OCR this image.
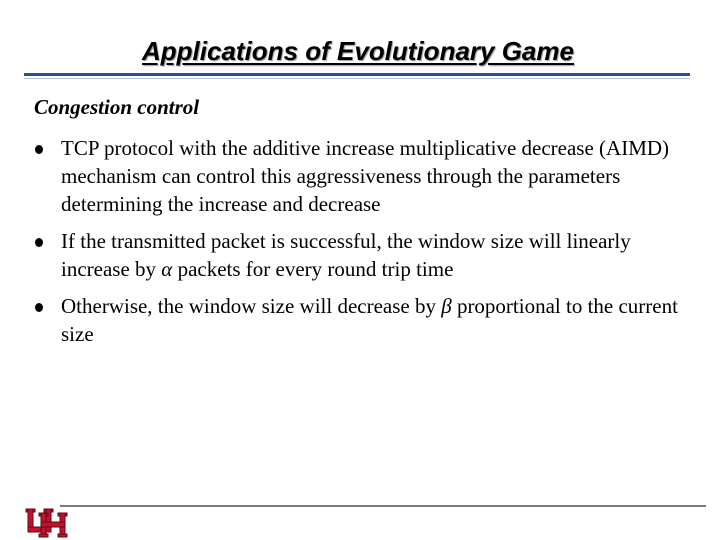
Applications of Evolutionary Game
Congestion control
TCP protocol with the additive increase multiplicative decrease (AIMD) mechanism can control this aggressiveness through the parameters determining the increase and decrease
If the transmitted packet is successful, the window size will linearly increase by α packets for every round trip time
Otherwise, the window size will decrease by β proportional to the current size
